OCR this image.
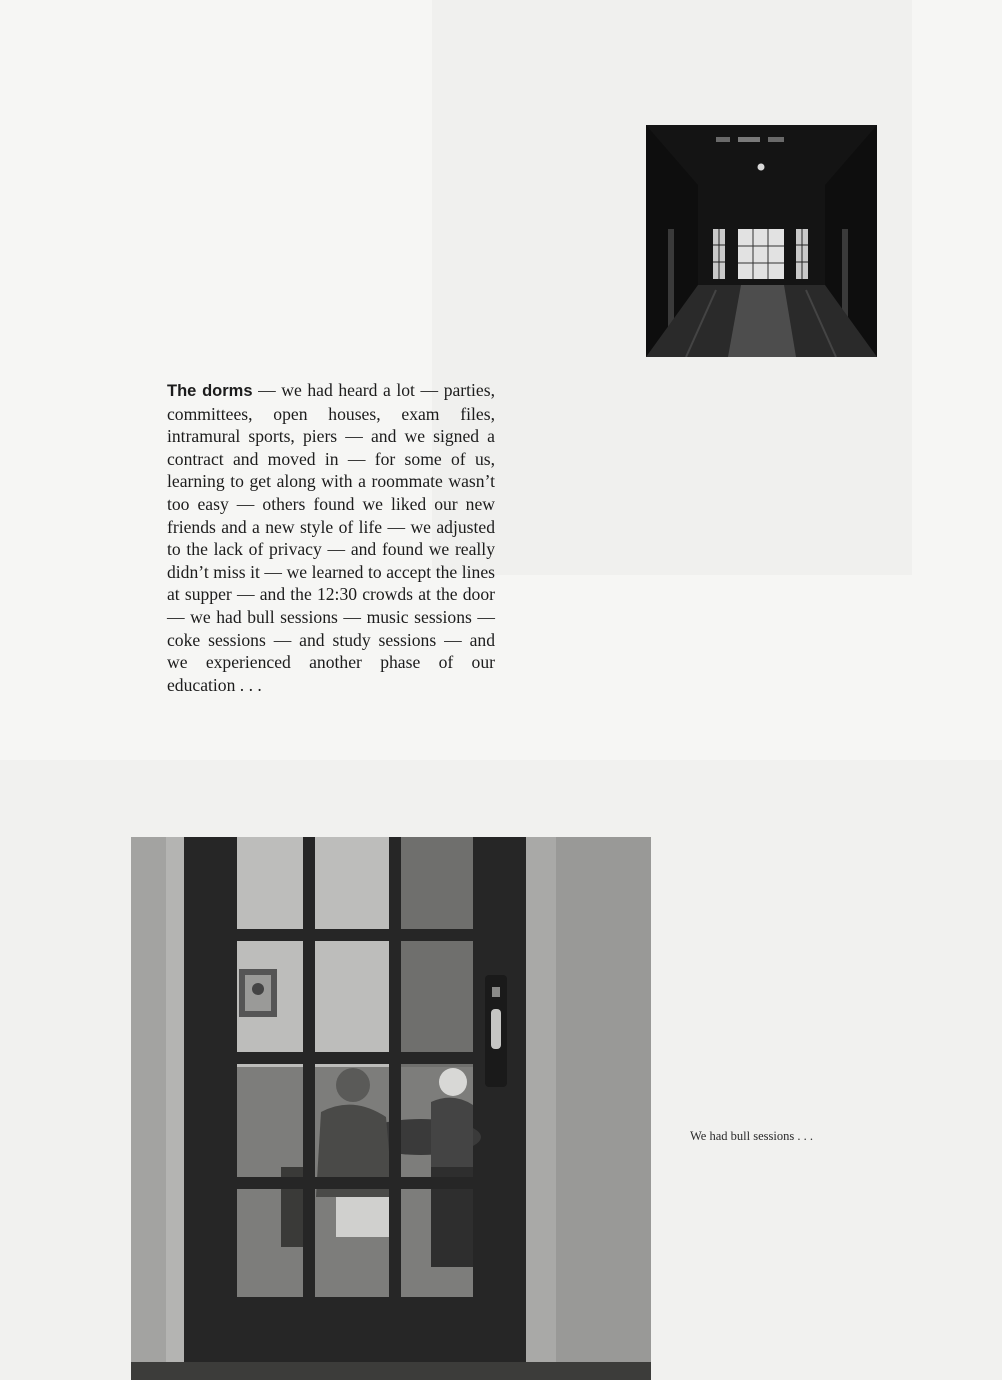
The dorms — we had heard a lot — parties, committees, open houses, exam files, intramural sports, piers — and we signed a contract and moved in — for some of us, learning to get along with a roommate wasn’t too easy — others found we liked our new friends and a new style of life — we adjusted to the lack of privacy — and found we really didn’t miss it — we learned to accept the lines at supper — and the 12:30 crowds at the door — we had bull sessions — music sessions — coke sessions — and study sessions — and we experienced another phase of our education . . .

We had bull sessions . . .
